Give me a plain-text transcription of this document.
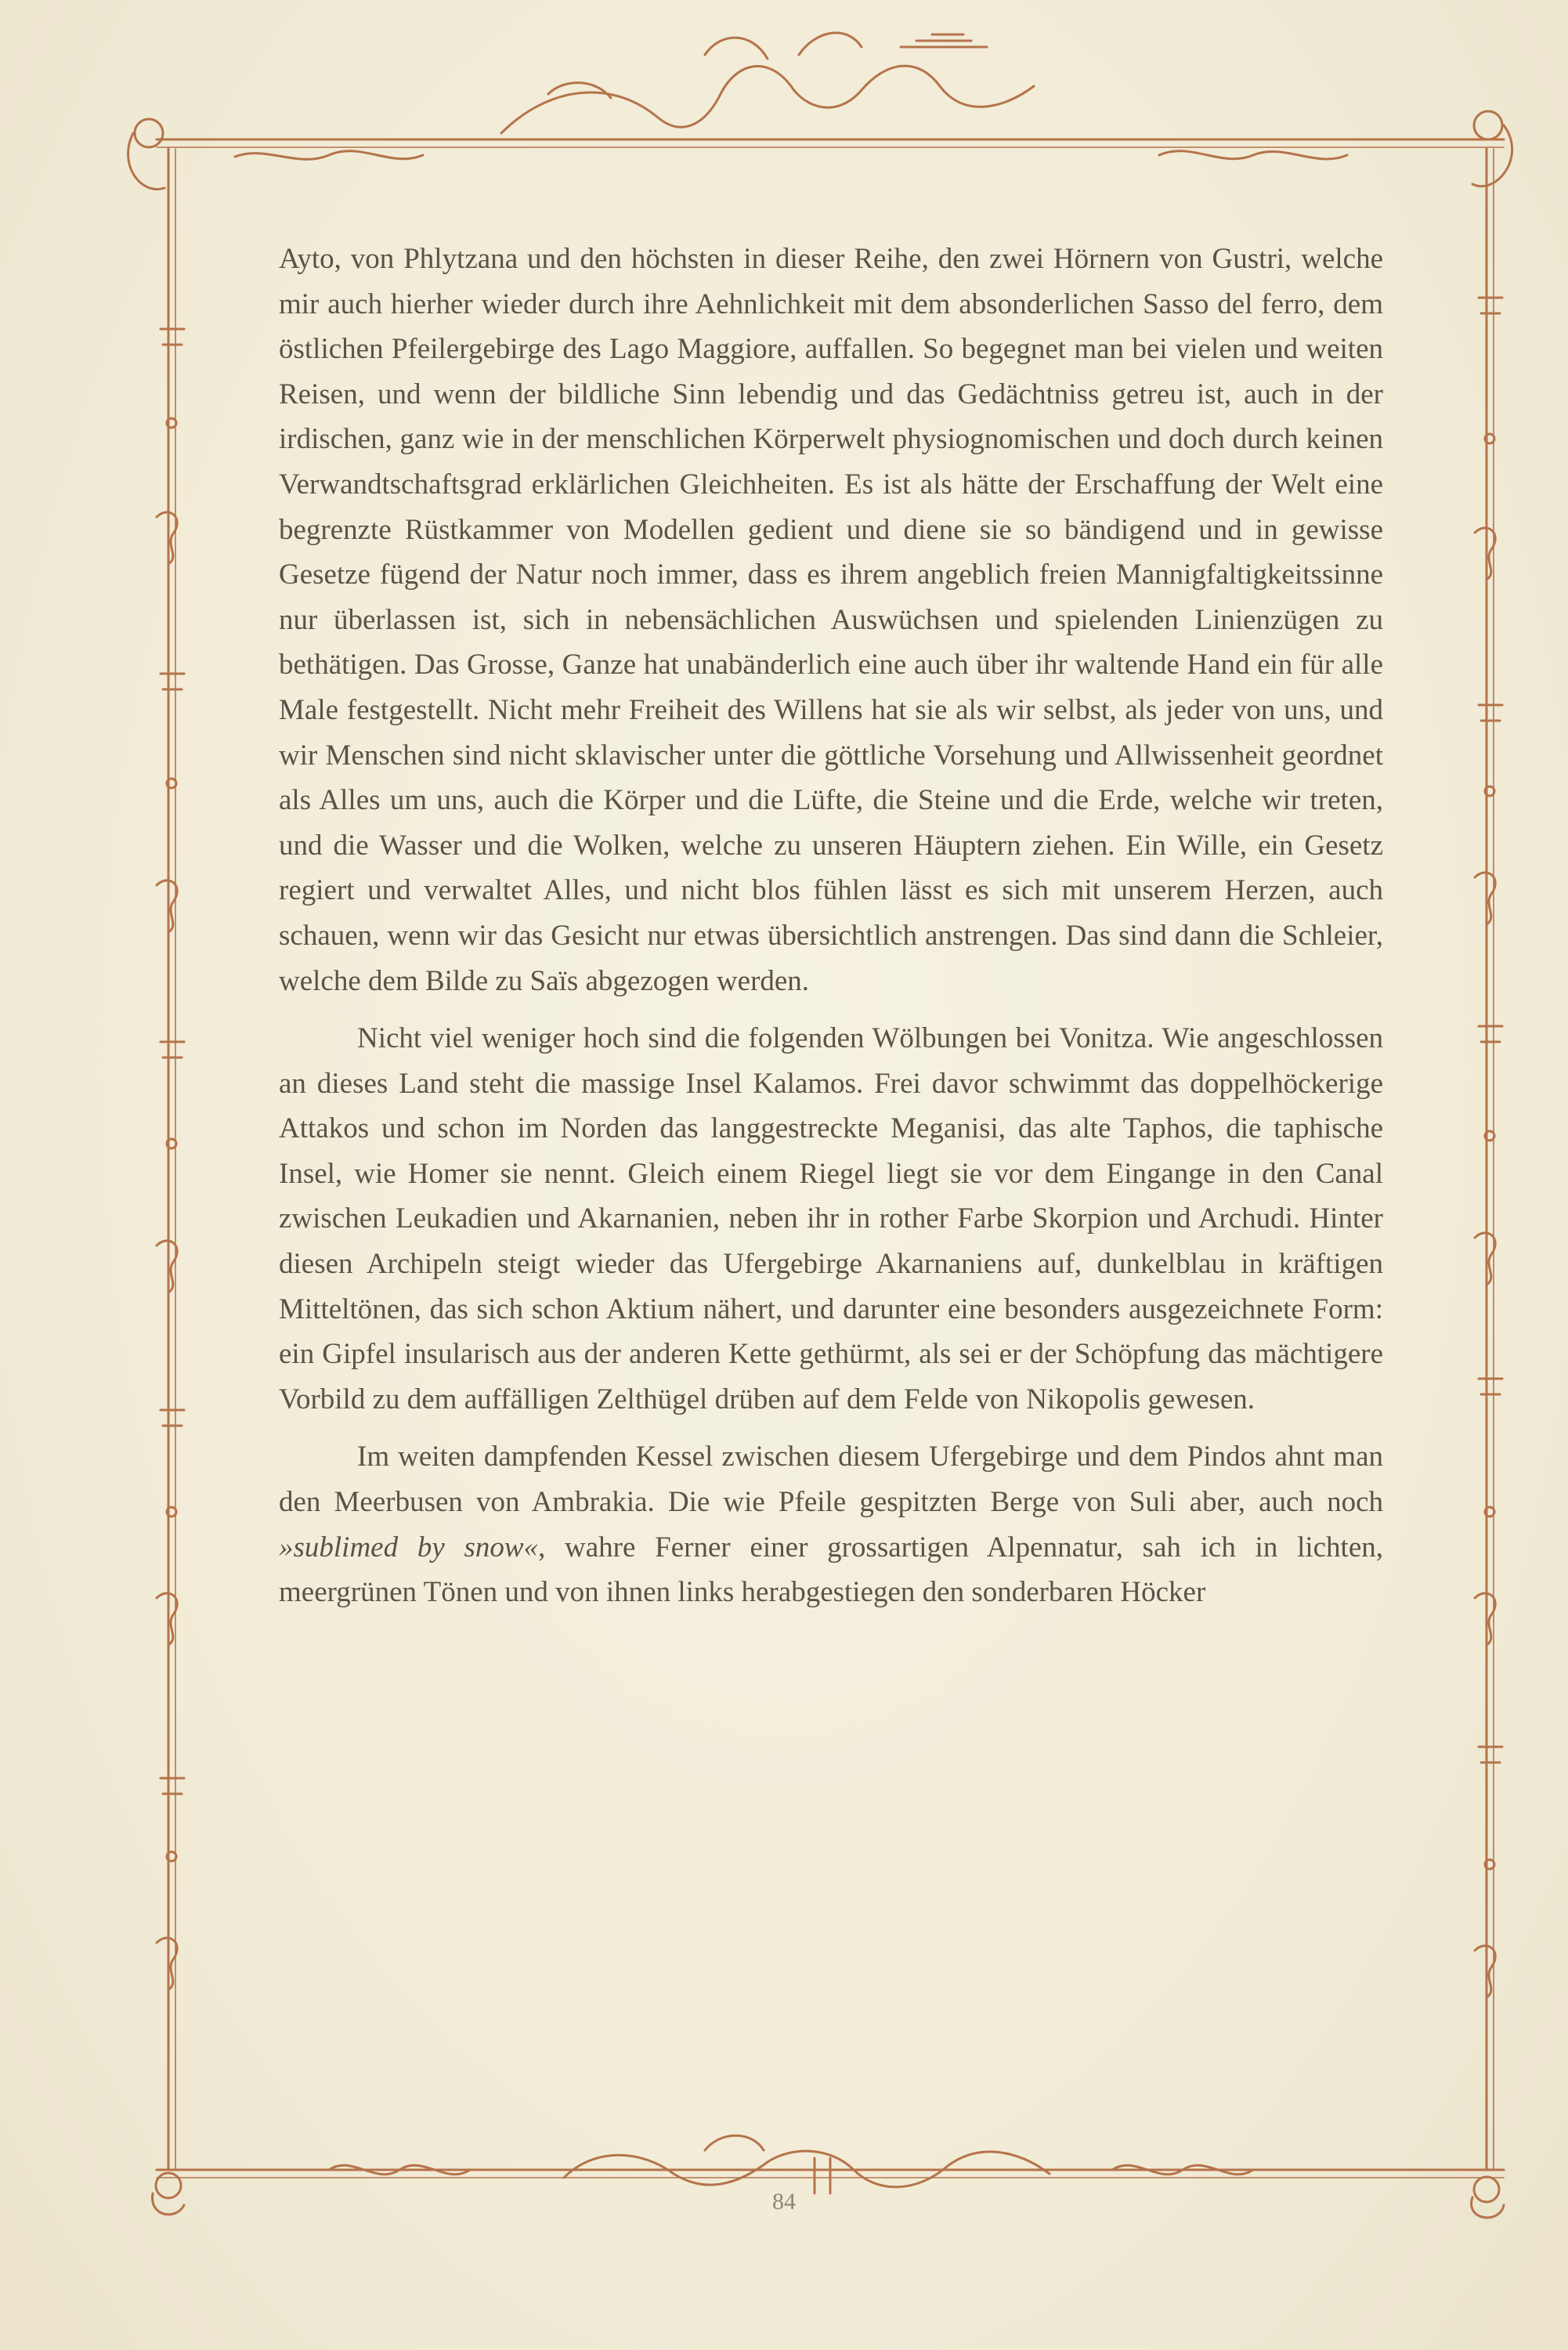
Ayto, von Phlytzana und den höchsten in dieser Reihe, den zwei Hörnern von Gustri, welche mir auch hierher wieder durch ihre Aehnlichkeit mit dem absonderlichen Sasso del ferro, dem östlichen Pfeilergebirge des Lago Maggiore, auffallen. So begegnet man bei vielen und weiten Reisen, und wenn der bildliche Sinn lebendig und das Gedächtniss getreu ist, auch in der irdischen, ganz wie in der menschlichen Körperwelt physiognomischen und doch durch keinen Verwandtschaftsgrad erklärlichen Gleichheiten. Es ist als hätte der Erschaffung der Welt eine begrenzte Rüstkammer von Modellen gedient und diene sie so bändigend und in gewisse Gesetze fügend der Natur noch immer, dass es ihrem angeblich freien Mannigfaltigkeitssinne nur überlassen ist, sich in nebensächlichen Auswüchsen und spielenden Linienzügen zu bethätigen. Das Grosse, Ganze hat unabänderlich eine auch über ihr waltende Hand ein für alle Male festgestellt. Nicht mehr Freiheit des Willens hat sie als wir selbst, als jeder von uns, und wir Menschen sind nicht sklavischer unter die göttliche Vorsehung und Allwissenheit geordnet als Alles um uns, auch die Körper und die Lüfte, die Steine und die Erde, welche wir treten, und die Wasser und die Wolken, welche zu unseren Häuptern ziehen. Ein Wille, ein Gesetz regiert und verwaltet Alles, und nicht blos fühlen lässt es sich mit unserem Herzen, auch schauen, wenn wir das Gesicht nur etwas übersichtlich anstrengen. Das sind dann die Schleier, welche dem Bilde zu Saïs abgezogen werden.

Nicht viel weniger hoch sind die folgenden Wölbungen bei Vonitza. Wie angeschlossen an dieses Land steht die massige Insel Kalamos. Frei davor schwimmt das doppelhöckerige Attakos und schon im Norden das langgestreckte Meganisi, das alte Taphos, die taphische Insel, wie Homer sie nennt. Gleich einem Riegel liegt sie vor dem Eingange in den Canal zwischen Leukadien und Akarnanien, neben ihr in rother Farbe Skorpion und Archudi. Hinter diesen Archipeln steigt wieder das Ufergebirge Akarnaniens auf, dunkelblau in kräftigen Mitteltönen, das sich schon Aktium nähert, und darunter eine besonders ausgezeichnete Form: ein Gipfel insularisch aus der anderen Kette gethürmt, als sei er der Schöpfung das mächtigere Vorbild zu dem auffälligen Zelthügel drüben auf dem Felde von Nikopolis gewesen.

Im weiten dampfenden Kessel zwischen diesem Ufergebirge und dem Pindos ahnt man den Meerbusen von Ambrakia. Die wie Pfeile gespitzten Berge von Suli aber, auch noch »sublimed by snow«, wahre Ferner einer grossartigen Alpennatur, sah ich in lichten, meergrünen Tönen und von ihnen links herabgestiegen den sonderbaren Höcker

84
